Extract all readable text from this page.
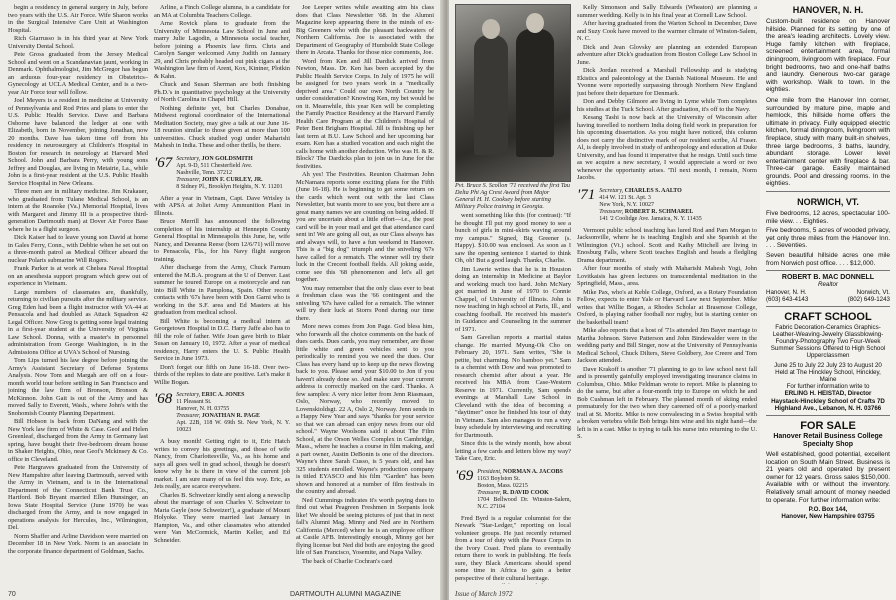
begin a residency in general surgery in July, before two years with the U.S. Air Force. Wife Sharon works in the Surgical Intensive Care Unit at Washington Hospital.

Rich Giarrusso is in his third year at New York University Dental School.

Pete Gross graduated from the Jersey Medical School and went on a Scandanavian jaunt, working in Denmark. Ophthalmologist, Jim McGregor has begun an arduous four-year residency in Obstetrics–Gynecology at UCLA Medical Center, and is a two-year Air Force tour will follow.

Joel Meyers is a resident in medicine at University of Pennsylvania and Rod Pries and plans to enter the U.S. Public Health Service. Dave and Barbara Osborne have balanced the ledger at one with Elizabeth, born in November, joining Jonathan, now 20 months. Dave has taken time off from his residency in neurosurgery at Children's Hospital in Boston for research in neurology at Harvard Med School. John and Barbara Perry, with young sons Jeffrey and Douglas, are living in Metairie, La., while John is a first-year resident at the U.S. Public Health Service Hospital in New Orleans.

Three men are in military medicine. Jim Krakauer, who graduated from Tulane Medical School, is an intern at the Roanoke (Va.) Memorial Hospital, lives with Margaret and Jimmy III is a prospective third-generation Dartmouth man) at Dover Air Force Base where he is a flight surgeon.

Dick Kaiser had to leave young son David at home in Gales Ferry, Conn., with Debbie when he set out on a three-month patrol as Medical Officer aboard the nuclear Polaris submarine Will Rogers.

Frank Parker is at work at Chelsea Naval Hospital on an anesthesia support program which grew out of experience in Vietnam.

Large numbers of classmates are, thankfully, returning to civilian pursuits after the military service. Greg Eden had been a flight instructor with VA-44 at Pensacola and had doubled as Attack Squadron 42 Legal Officer. Now Greg is getting some legal training in a first-year student at the University of Virginia Law School. Donna, with a master's in personnel administration from George Washington, is in the Admissions Office at UVA's School of Nursing.

Tom Lips turned his law degree before joining the Army's Assistant Secretary of Defense Systems Analysis. Now Tom and Margah are off on a four-month world tour before settling in San Francisco and joining the law firm of Bronson, Bronson & McKinnon. John Gait is out of the Army and has moved Sally to Everett, Wash., where John's with the Snohomish County Planning Department.

Bill Hobson is back from DaNang and with the New York law firm of White & Case. Geof and Helen Greenleaf, discharged from the Army in Germany last spring, have bought their five-bedroom dream house in Shaker Heights, Ohio, near Geof's Mckinsey & Co. office in Cleveland.

Pete Hargraves graduated from the University of New Hampshire after leaving Dartmouth, served with the Army in Vietnam, and is in the International Department of the Connecticut Bank Trust Co., Hartford. Bob Bryant married Ellen Hunsinger, an Iowa State Hospital Service (June 1970) he was discharged from the Army, and is now engaged in operations analysis for Hercules, Inc., Wilmington, Del.

Norm Shaffer and Arline Davidson were married on December 18 in New York. Norm is an associate in the corporate finance department of Goldman, Sachs.

Arline, a Finch College alumna, is a candidate for an MA at Columbia Teachers College.

Arne Rovick plans to graduate from the University of Minnesota Law School in June and marry Julie Lagodin, a Minnesota social teacher, before joining a Phoenix law firm. Chris and Carolyn Sanger welcomed Amy Judith on January 29, and Chris probably headed out pink cigars at the Washington law firm of Arent, Kox, Kintner, Plotkin & Kahn.

Chuck and Susan Sherman are both finishing Ph.D.'s in quantitative psychology at the University of North Carolina in Chapel Hill.

Nothing definite yet, but Charles Donahue, Midwest regional coordinator of the International Meditation Society, may give a talk at our June 16-18 reunion similar to those given at more than 100 universities. Chuck studied yogi under Maharishi Mahesh in India. These and other thrills, be there.

'67 Secretary, JON GOLDSMITH
Apt. 9-D, 511 Chesterfield Ave.
Nashville, Tenn. 37212
Treasurer, JOHN F. CURLEY, JR.
8 Sidney Pl., Brooklyn Heights, N. Y. 11201

After a year in Vietnam, Capt. Dave Wrisley is with APSA at Joliet Army Ammunition Plant in Illinois.

Bruce Merrill has announced the following completion of his internship at Hennepin County General Hospital in Minneapolis this June, he, wife Nancy, and Deeanna Reese (born 12/6/71) will move to Pensacola, Fla., for his Navy flight surgeon training.

After discharge from the Army, Chuck Farnum entered the M.B.A. program at the U of Denver. Last summer he toured Europe on a motorcycle and ran into Bill White in Pamplona, Spain. Other recent contacts with '67s have been with Don Garni who is working in the S.F. area and Ed Masters at his graduation from medical school.

Bill White is becoming a medical intern at Georgetown Hospital in D.C. Harry Jaffe also has to fill the role of father. Wife Joan gave birth to Blair Susan on January 10, 1972. After a year of medical residency, Harry enters the U. S. Public Health Service in June 1973.

Don't forget our fifth on June 16-18. Over two-thirds of the replies to date are positive. Let's make it Willie Bogan.

'68 Secretary, ERIC A. JONES
11 Pleasant St.
Hanover, N. H. 03755
Treasurer, JONATHAN R. PAGE
Apt. 22B, 118 W. 69th St. New York, N. Y. 10023

A busy month! Getting right to it, Eric Hatch writes to convey his greetings, and those of wife Nancy, from Charlottesville, Va., as his home and says all goes well in grad school, though he doesn't know why he is there in view of the current job market. I am sure many of us feel this way. Eric, as Jets really, are scarce everywhere.

Charles B. Schweizer kindly sent along a newsclip about the marriage of son Charles V. Schweizer to Maria Gayle (now Schweizer!), a graduate of Mount Holyoke. They were married last January in Hampton, Va., and other classmates who attended were Van McCormick, Martin Keller, and Ed Schneider.

Joe Leeper writes while awaiting atm his class does that Class Newsletter '68. In the Alumni Magazine keep appearing there in the minds of ex-Big Greeners who with the pleasant backwaters of Northern California. Joe is associated with the Department of Geography of Humboldt State College there in Arcata. Thanks for those nice comments, Joe.

Word from Ken and Jill Dardick arrived from Newton, Mass. Dr. Ken has been accepted by the Public Health Service Corps. In July of 1975 he will be assigned for two years work in a "medically deprived area." Could our own North Country be under consideration? Knowing Ken, my bet would be on it. Meanwhile, this year Ken will be completing the Family Practice Residency at the Harvard Family Health Care Program at the Children's Hospital of Peter Bent Brigham Hospital. Jill is finishing up her last term at B.U. Law School and her upcoming bar exam. Ken has a studied vocation and each night the calls home with another deduction. Who was H. & R. Block? The Dardicks plan to join us in June for the festivities.

Ah yes! The Festivities. Reunion Chairman John McNamara reports some exciting plans for the Fifth (June 16-18). He is beginning to get some return on the cards which went out with the last Class Newsletter, but wants more to see you, but there are a great many names we are counting on being added. If you are uncertain about a little effort—i.e., the post card will be in your mail and get that attendance card sent in! We are going all out, as our Class always has and always will, to have a fun weekend in Hanover. This is a "big dog" triumph and the sniveling '67s have called for a rematch. The winner will try their luck in the Crecent football fields. All joking aside, come see this '68 phenomenon and let's all get together.

You may remember that the only class ever to beat a freshman class was the '66 contingent and the sniveling '67s have called for a rematch. The winner will try their luck at Storrs Pond during our time there.

More news comes from Jon Page. God bless him, who forwards all the choice comments on the back of dues cards. Dues cards, you may remember, are those little white and green vehicles sent to you periodically to remind you we need the dues. Our Class has every hand up to keep up the news flowing back to you. Please send your $10.00 to Jon if you haven't already done so. And make sure your current address is correctly marked on the card. Thanks. A few samples: A very nice letter from Jenn Riasmaan, Oslo, Norway, who recently moved to Lovenskioldsgt. 22 A, Oslo 2, Norway. Jenn sends in a Happy New Year and says "thanks for your service so that we can abroad can enjoy news from our old school." Wayne Woolsons said it about The Film School, at the Orson Welles Complex in Cambridge, Mass., where he teaches a course in film making, and a part owner, Austin DeBonin is one of the directors. Wayne's three Sarah Cusso, is 5 years old, and has 325 students enrolled. Wayne's production company is titled EYASCO and his film "Garden" has been shown and honored at a number of film festivals in the country and abroad.

Ned Cummings indicates it's worth paying dues to find out what Peagreen Freshmen in Sorpants look like! We should be seeing pictures of just that in next fall's Alumni Mag. Minny and Ned are in Northern California (Merced) where he is an employee officer at Castle AFB. Interestingly enough, Minny got her flying license but Ned did both are enjoying the good life of San Francisco, Yosemite, and Napa Valley.

The back of Charlie Cochran's card

70	DARTMOUTH ALUMNI MAGAZINE
Pvt. Bruce S. Scollon '71 received the first Tau Delta Phi Ag Crest Award from Major General H. H. Cooksey before starting Military Police training in Georgia.

went something like this (for contrast): "If he thought I'll put my good money to see a bunch of girls in mini-skirts waving around my campus." Signed, Big Greener (s. Happy). $10.00 was enclosed. As soon as I saw the opening sentence I started to think Oh, oh! But a good laugh. Thanks, Charlie.

Jim Lawrie writes that he is in Houston doing an internship in Medicine at Baylor and working much too hard. John McNary got married in June of 1970 to Connie Chappel, of University of Illinois. John is now teaching in high school at Paris, Ill., and coaching football. He received his master's in Guidance and Counseling in the summer of 1971.

Sam Gavelian reports a marital status change. He married Myung-Ok Cho on February 20, 1971. Sam writes, "She is petite, but charming. No bamboo yet." Sam is a chemist with Dow and was promoted to research chemist after about a year. He received his MBA from Case-Western Reserve in 1971. Currently, Sam spends evenings at Marshall Law School in Cleveland with the idea of becoming a "daytimer" once he finished his tour of duty in Vietnam. Sam also manages to run a very busy schedule by interviewing and recruiting for Dartmouth.

Since this is the windy month, how about letting a few cards and letters blow my way? Take Care, Eric.

'69 President, NORMAN A. JACOBS
1163 Boylston St.
Boston, Mass. 02215
Treasurer, R. DAVID COOK
1704 Bellwood Dr. Winston-Salem, N.C. 27104

Fred Byrd is a regular columnist for the Newark "Star-Ledger," reporting on local volunteer groups. He just recently returned from a tour of duty with the Peace Corps in the Ivory Coast. Fred plans to eventually return there to work in publishing. He feels sure, they Black Americans should spend some time in Africa to gain a better perspective of their cultural heritage.

Kelly Simonson and Sally Edwards (Wheaton) are planning a summer wedding. Kelly is in his final year at Cornell Law School.

After having graduated from the Warton School in December, Dave and Suzy Cook have moved to the warmer climate of Winston-Salem, N. C.

Dick and Jean Glovsky are planning an extended European adventure after Dick's graduation from Boston College Law School in June.

Dick Jordan received a Marshall Fellowship and is studying Ekistics and paleontology at the Danish National Museum. He and Yvonne were reportedly surpassing through Northern New England just before their departure for Denmark.

Don and Debby Gilmore are living in Lyme while Tom completes his studies at the Tuck School. After graduation, it's off to the Navy.

Kesang Tashi is now back at the University of Wisconsin after having travelled to northern India doing field work in preparation for his upcoming dissertation. As you might have noticed, this column does not carry the distinctive mark of our resident scribe, Al Fraser. Al, is deeply involved in study of anthropology and education at Duke University, and has found it imperative that he resign. Until such time as we acquire a new secretary, I would appreciate a word or two whenever the opportunity arises. 'Til next month, I remain, Norm Jacobs.

'71 Secretary, CHARLES S. AALTO
414 W. 121 St. Apt. 3
New York, N.Y. 10027
Treasurer, ROBERT R. SCHMAREL
141 '2 Coolidge Ave. Jamaica, N. Y. 11435

Vermont public school teaching has lured Rod and Pam Morgan to Jacksonville, where he is teaching English and she Spanish at the Wilmington (Vt.) school. Scott and Kathy Mitchell are living in Enosburg Falls, where Scott teaches English and heads a fledgling Drama department.

After four months of study with Maharishi Mahesh Yogi, John Lovitkaisis has given lectures on transcendental meditation in the Springfield, Mass., area.

Mike Pax, who's at Keble College, Oxford, as a Rotary Foundation Fellow, expects to enter Yale or Harvard Law next September. Mike writes that Willie Bogan, a Rhodes Scholar at Brasenose College, Oxford, is playing rather football nor rugby, but is starting center on the basketball team!

Mike also reports that a host of '71s attended Jim Bayer marriage to Martha Johnson. Steve Patterson and John Bindewalder were in the wedding party and Bill Singer, now at the University of Pennsylvania Medical School, Chuck Dilters, Steve Goldbery, Joe Creere and Tom Jackson attended.

Dave Krakoff is another '71 planning to go to law school next fall and is presently gainfully employed investigating insurance claims in Columbus, Ohio. Mike Feldman wrote to report. Mike is planning to do the same, but after a four-month trip to Europe on which he and Bob Cushman left in February. The planned month of skiing ended prematurely for the two when they careened off of a poorly-marked trail at St. Moritz. Mike is now convalescing in a Swiss hospital with a broken vertebra while Bob brings him wine and his night hand—the left is in a cast. Mike is trying to talk his nurse into returning to the U. S.

Issue of March 1972
HANOVER, N. H.
Custom-built residence on Hanover hillside. Planned for its setting by one of the area's leading architects. Lovely view. Huge family kitchen with fireplace, screened entertainment area, formal diningroom, livingroom with fireplace. Four bright bedrooms, two and one-half baths and laundry. Generous two-car garage with workshop. Walk to town. In the eighties.
One mile from the Hanover Inn corner, surrounded by mature pine, maple and hemlock, this hillside home offers the ultimate in privacy. Fully equipped electric kitchen, formal diningroom, livingroom with fireplace, study with many built-in shelves, three large bedrooms, 3 baths, laundry, abundant storage. Lower level entertainment center with fireplace & bar. Three-car garage. Easily maintained grounds. Pool and dressing rooms. In the eighties.
NORWICH, VT.
Five bedrooms, 12 acres, spectacular 100-mile view. . . Eighties.
Five bedrooms, 5 acres of wooded privacy, yet only three miles from the Hanover Inn. . . . Seventies.
Seven beautiful hillside acres one mile from Norwich post office. . . . $12,000.
ROBERT B. MAC DONNELL
Realtor
Hanover, N. H.	Norwich, Vt.
(603) 643-4143	(802) 649-1243
CRAFT SCHOOL
Fabric Decoration-Ceramics Graphics-Leather-Weaving-Jewelry Glassblowing-Foundry-Photography Two Four-Week Summer Sessions Offered to High School Upperclassmen
June 25 to July 22 July 23 to August 20
Held at The Hinckley School, Hinckley, Maine
For further information write to
ERLING H. HEISTAD, Director
Haystack-Hinckley School of Crafts 7D Highland Ave., Lebanon, N. H. 03766
FOR SALE
Hanover Retail Business College Specialty Shop
Well established, good potential, excellent location on South Main Street. Business is 21 years old and operated by present owner for 12 years. Gross sales $150,000. Available with or without the inventory. Relatively small amount of money needed to operate. For further information write:
P.O. Box 144,
Hanover, New Hampshire 03755
